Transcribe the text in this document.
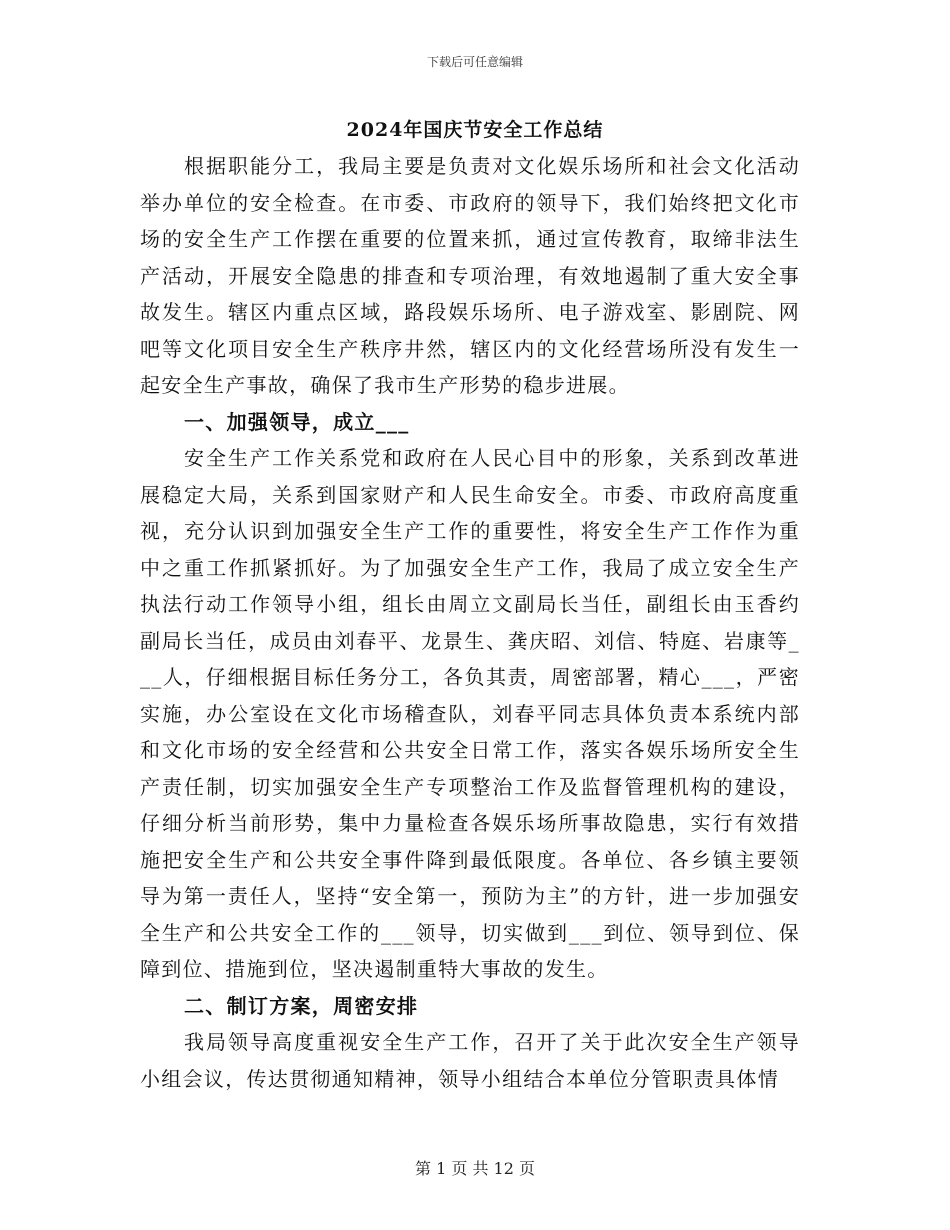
下载后可任意编辑
2024年国庆节安全工作总结

根据职能分工，我局主要是负责对文化娱乐场所和社会文化活动举办单位的安全检查。在市委、市政府的领导下，我们始终把文化市场的安全生产工作摆在重要的位置来抓，通过宣传教育，取缔非法生产活动，开展安全隐患的排查和专项治理，有效地遏制了重大安全事故发生。辖区内重点区域，路段娱乐场所、电子游戏室、影剧院、网吧等文化项目安全生产秩序井然，辖区内的文化经营场所没有发生一起安全生产事故，确保了我市生产形势的稳步进展。

一、加强领导，成立___

安全生产工作关系党和政府在人民心目中的形象，关系到改革进展稳定大局，关系到国家财产和人民生命安全。市委、市政府高度重视，充分认识到加强安全生产工作的重要性，将安全生产工作作为重中之重工作抓紧抓好。为了加强安全生产工作，我局了成立安全生产执法行动工作领导小组，组长由周立文副局长当任，副组长由玉香约副局长当任，成员由刘春平、龙景生、龚庆昭、刘信、特庭、岩康等___人，仔细根据目标任务分工，各负其责，周密部署，精心___，严密实施，办公室设在文化市场稽查队，刘春平同志具体负责本系统内部和文化市场的安全经营和公共安全日常工作，落实各娱乐场所安全生产责任制，切实加强安全生产专项整治工作及监督管理机构的建设，仔细分析当前形势，集中力量检查各娱乐场所事故隐患，实行有效措施把安全生产和公共安全事件降到最低限度。各单位、各乡镇主要领导为第一责任人，坚持“安全第一，预防为主”的方针，进一步加强安全生产和公共安全工作的___领导，切实做到___到位、领导到位、保障到位、措施到位，坚决遏制重特大事故的发生。

二、制订方案，周密安排

我局领导高度重视安全生产工作，召开了关于此次安全生产领导小组会议，传达贯彻通知精神，领导小组结合本单位分管职责具体情

第 1 页 共 12 页
